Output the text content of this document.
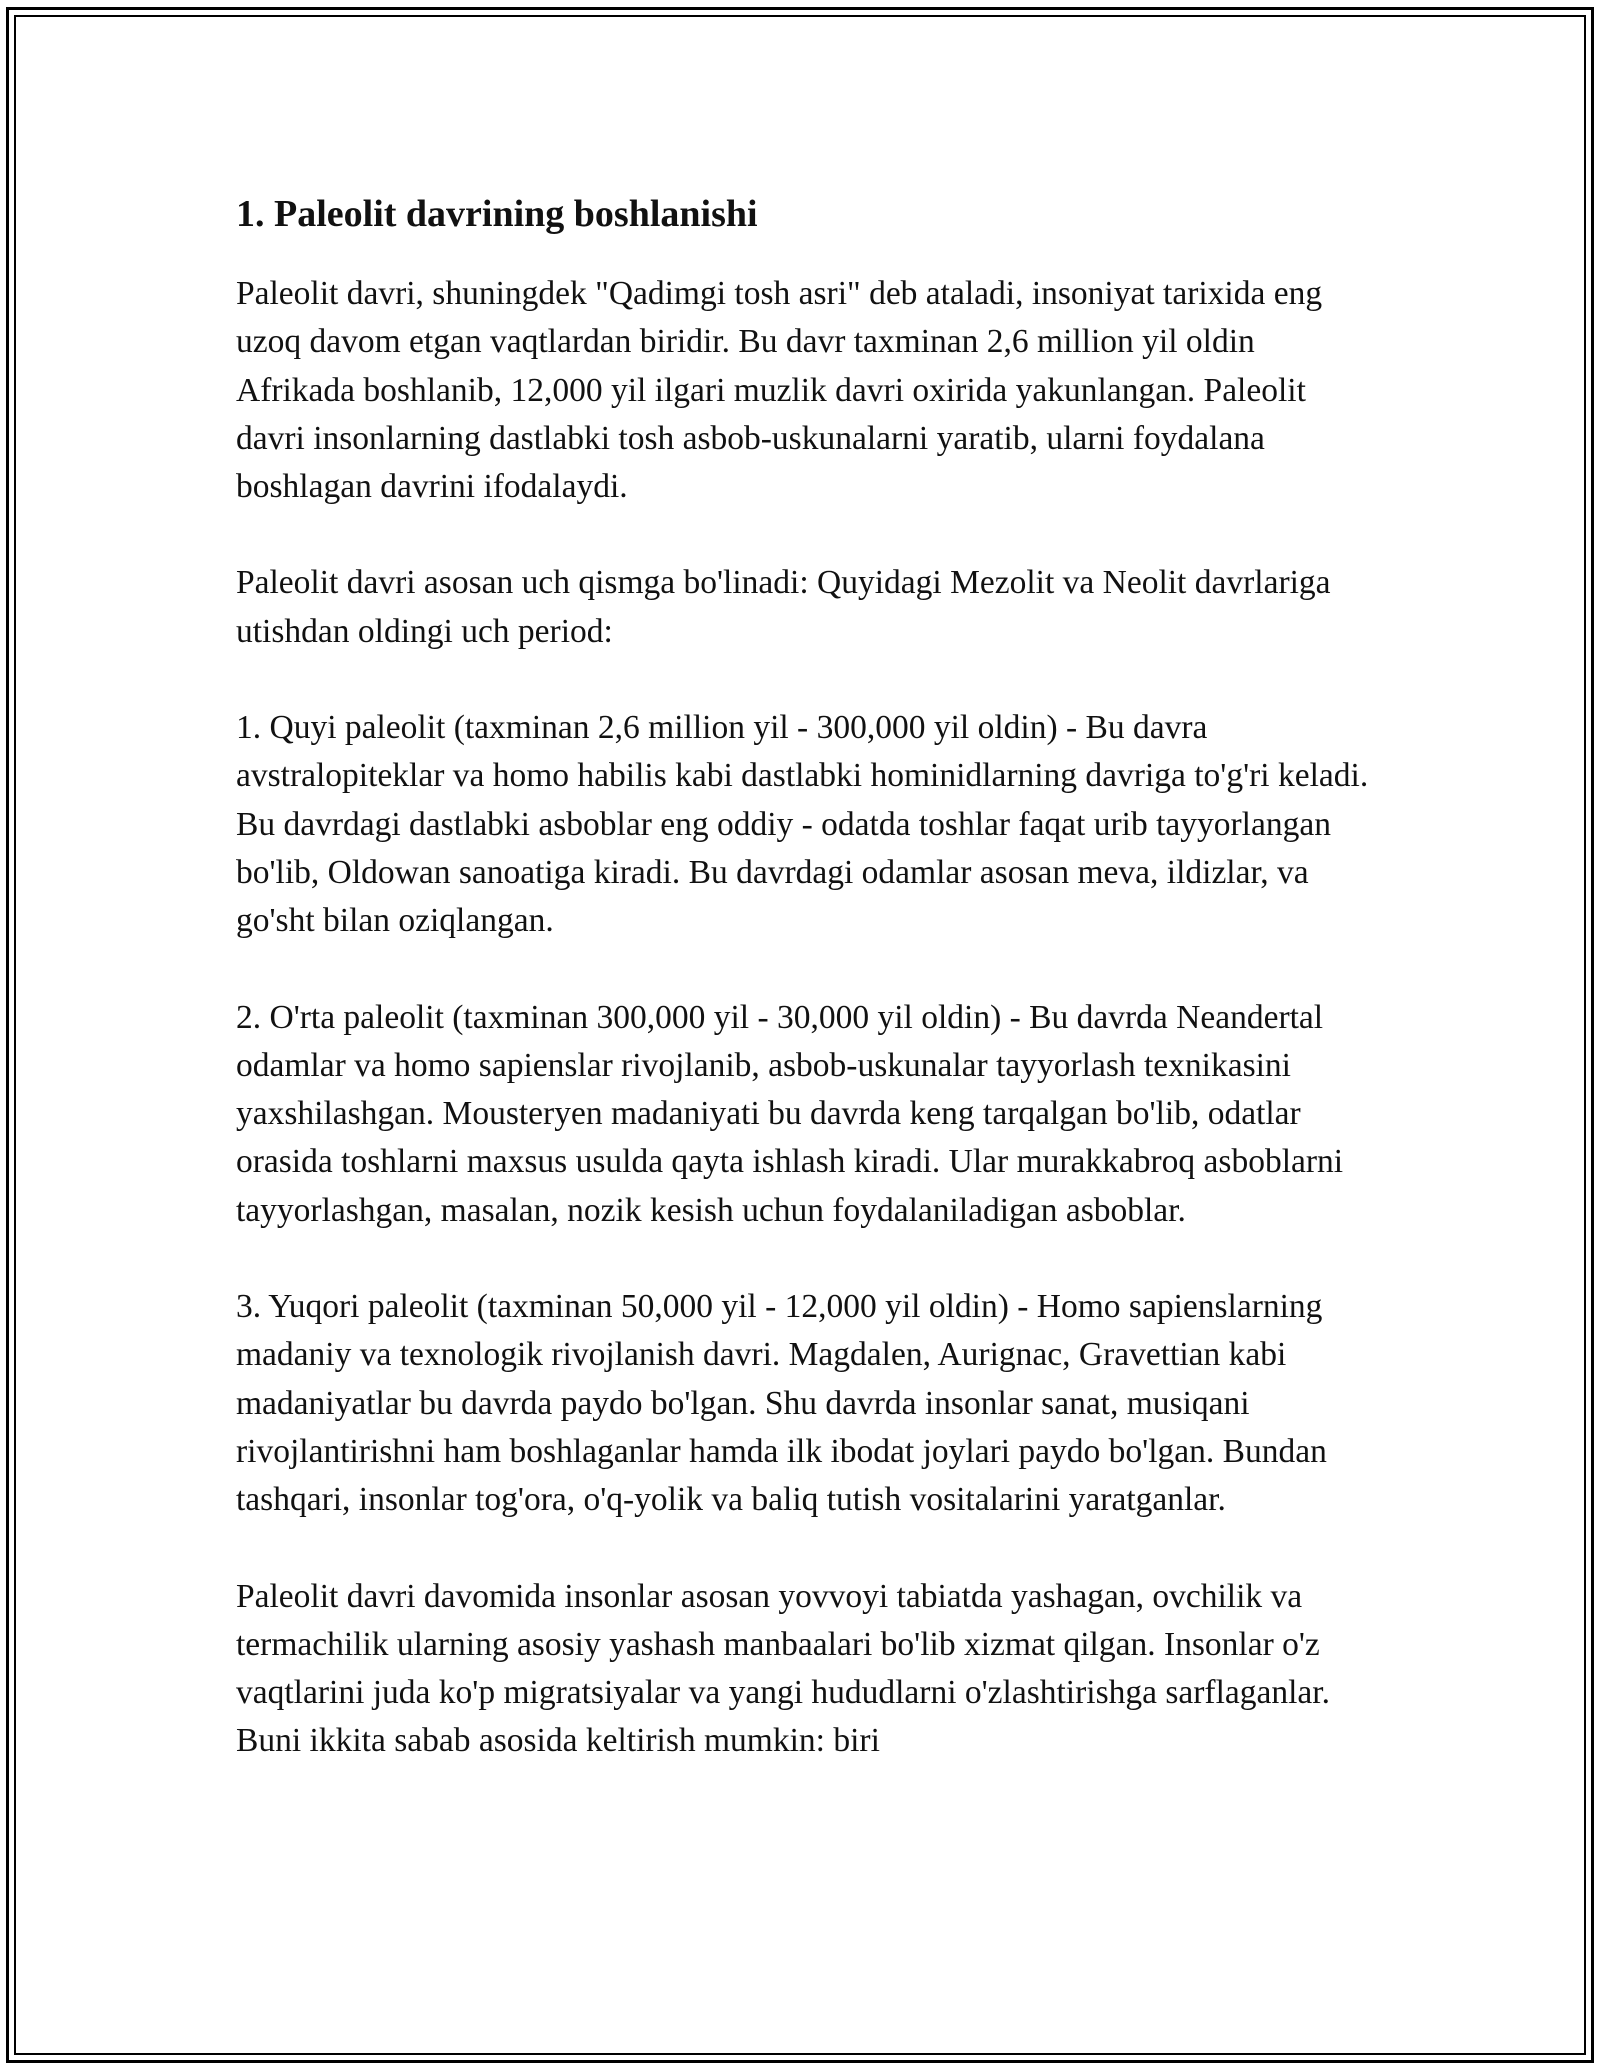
1. Paleolit davrining boshlanishi

Paleolit davri, shuningdek "Qadimgi tosh asri" deb ataladi, insoniyat tarixida eng uzoq davom etgan vaqtlardan biridir. Bu davr taxminan 2,6 million yil oldin Afrikada boshlanib, 12,000 yil ilgari muzlik davri oxirida yakunlangan. Paleolit davri insonlarning dastlabki tosh asbob-uskunalarni yaratib, ularni foydalana boshlagan davrini ifodalaydi.

Paleolit davri asosan uch qismga bo'linadi: Quyidagi Mezolit va Neolit davrlariga utishdan oldingi uch period:

1. Quyi paleolit (taxminan 2,6 million yil - 300,000 yil oldin) - Bu davra avstralopiteklar va homo habilis kabi dastlabki hominidlarning davriga to'g'ri keladi. Bu davrdagi dastlabki asboblar eng oddiy - odatda toshlar faqat urib tayyorlangan bo'lib, Oldowan sanoatiga kiradi. Bu davrdagi odamlar asosan meva, ildizlar, va go'sht bilan oziqlangan.

2. O'rta paleolit (taxminan 300,000 yil - 30,000 yil oldin) - Bu davrda Neandertal odamlar va homo sapienslar rivojlanib, asbob-uskunalar tayyorlash texnikasini yaxshilashgan. Mousteryen madaniyati bu davrda keng tarqalgan bo'lib, odatlar orasida toshlarni maxsus usulda qayta ishlash kiradi. Ular murakkabroq asboblarni tayyorlashgan, masalan, nozik kesish uchun foydalaniladigan asboblar.

3. Yuqori paleolit (taxminan 50,000 yil - 12,000 yil oldin) - Homo sapienslarning madaniy va texnologik rivojlanish davri. Magdalen, Aurignac, Gravettian kabi madaniyatlar bu davrda paydo bo'lgan. Shu davrda insonlar sanat, musiqani rivojlantirishni ham boshlaganlar hamda ilk ibodat joylari paydo bo'lgan. Bundan tashqari, insonlar tog'ora, o'q-yolik va baliq tutish vositalarini yaratganlar.

Paleolit davri davomida insonlar asosan yovvoyi tabiatda yashagan, ovchilik va termachilik ularning asosiy yashash manbaalari bo'lib xizmat qilgan. Insonlar o'z vaqtlarini juda ko'p migratsiyalar va yangi hududlarni o'zlashtirishga sarflaganlar. Buni ikkita sabab asosida keltirish mumkin: biri
